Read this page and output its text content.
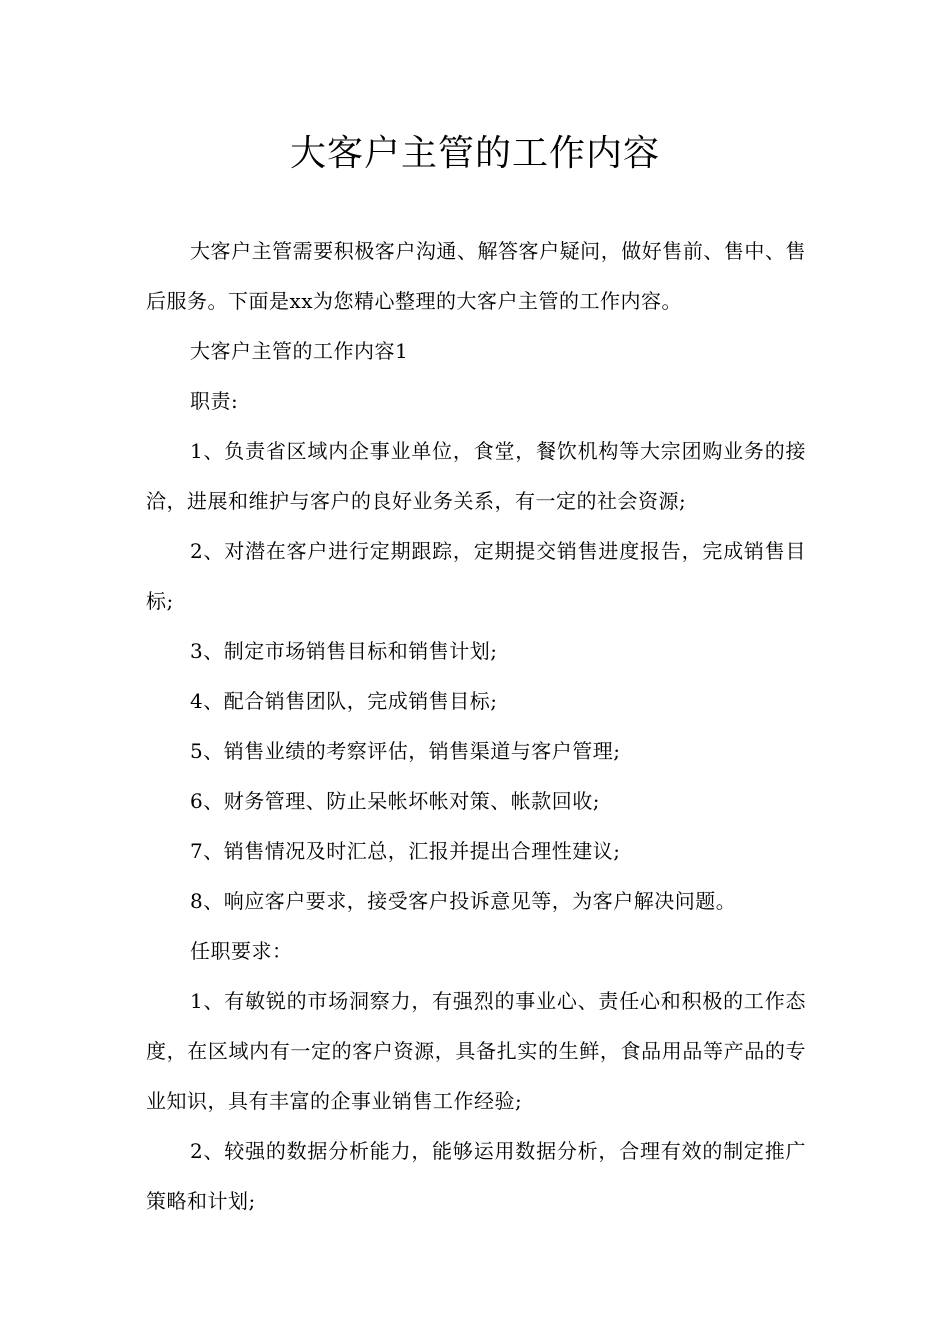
大客户主管的工作内容

大客户主管需要积极客户沟通、解答客户疑问，做好售前、售中、售后服务。下面是xx为您精心整理的大客户主管的工作内容。

大客户主管的工作内容1

职责:

1、负责省区域内企事业单位，食堂，餐饮机构等大宗团购业务的接洽，进展和维护与客户的良好业务关系，有一定的社会资源;

2、对潜在客户进行定期跟踪，定期提交销售进度报告，完成销售目标;

3、制定市场销售目标和销售计划;

4、配合销售团队，完成销售目标;

5、销售业绩的考察评估，销售渠道与客户管理;

6、财务管理、防止呆帐坏帐对策、帐款回收;

7、销售情况及时汇总，汇报并提出合理性建议;

8、响应客户要求，接受客户投诉意见等，为客户解决问题。

任职要求：

1、有敏锐的市场洞察力，有强烈的事业心、责任心和积极的工作态度，在区域内有一定的客户资源，具备扎实的生鲜，食品用品等产品的专业知识，具有丰富的企事业销售工作经验;

2、较强的数据分析能力，能够运用数据分析，合理有效的制定推广策略和计划;
